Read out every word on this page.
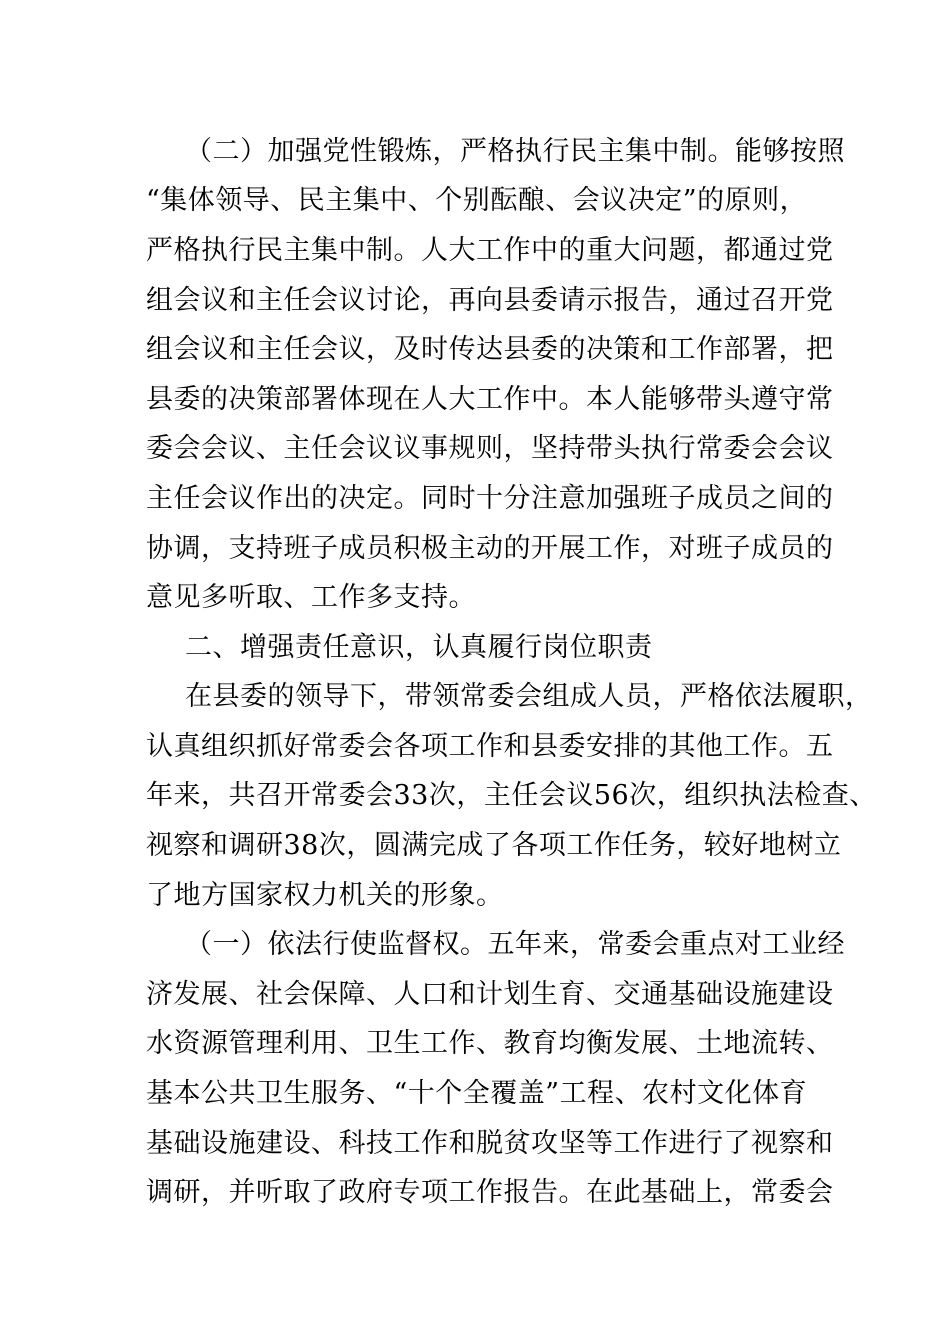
（二）加强党性锻炼，严格执行民主集中制。能够按照
“集体领导、民主集中、个别酝酿、会议决定”的原则，
严格执行民主集中制。人大工作中的重大问题，都通过党
组会议和主任会议讨论，再向县委请示报告，通过召开党
组会议和主任会议，及时传达县委的决策和工作部署，把
县委的决策部署体现在人大工作中。本人能够带头遵守常
委会会议、主任会议议事规则，坚持带头执行常委会会议
主任会议作出的决定。同时十分注意加强班子成员之间的
协调，支持班子成员积极主动的开展工作，对班子成员的
意见多听取、工作多支持。
二、增强责任意识，认真履行岗位职责
在县委的领导下，带领常委会组成人员，严格依法履职，
认真组织抓好常委会各项工作和县委安排的其他工作。五
年来，共召开常委会33次，主任会议56次，组织执法检查、
视察和调研38次，圆满完成了各项工作任务，较好地树立
了地方国家权力机关的形象。
（一）依法行使监督权。五年来，常委会重点对工业经
济发展、社会保障、人口和计划生育、交通基础设施建设
水资源管理利用、卫生工作、教育均衡发展、土地流转、
基本公共卫生服务、“十个全覆盖”工程、农村文化体育
基础设施建设、科技工作和脱贫攻坚等工作进行了视察和
调研，并听取了政府专项工作报告。在此基础上，常委会
